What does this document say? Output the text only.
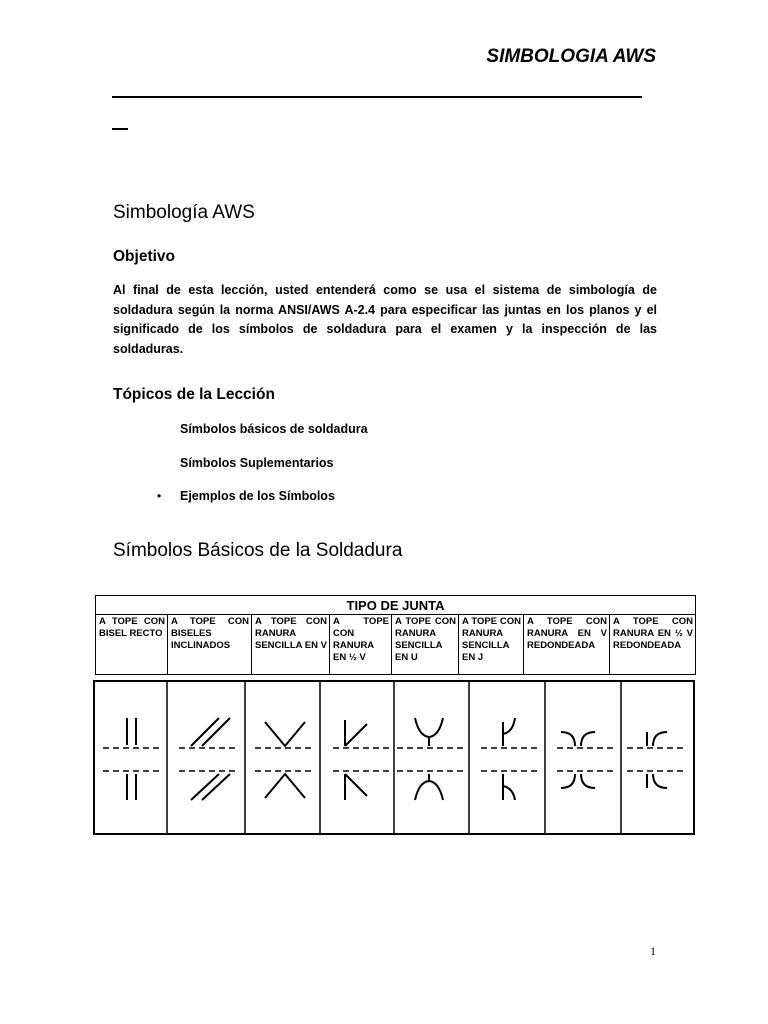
SIMBOLOGIA AWS
Simbología AWS
Objetivo
Al final de esta lección, usted entenderá como se usa el sistema de simbología de soldadura según la norma ANSI/AWS A-2.4 para especificar las juntas en los planos y el significado de los símbolos de soldadura para el examen y la inspección de las soldaduras.
Tópicos de la Lección
Símbolos básicos de soldadura
Símbolos Suplementarios
• Ejemplos de los Símbolos
Símbolos Básicos de la Soldadura
TIPO DE JUNTA
A TOPE CON BISEL RECTO	A TOPE CON BISELES INCLINADOS	A TOPE CON RANURA SENCILLA EN V	A TOPE CON RANURA EN ½ V	A TOPE CON RANURA SENCILLA EN U	A TOPE CON RANURA SENCILLA EN J	A TOPE CON RANURA EN V REDONDEADA	A TOPE CON RANURA EN ½ V REDONDEADA
1
